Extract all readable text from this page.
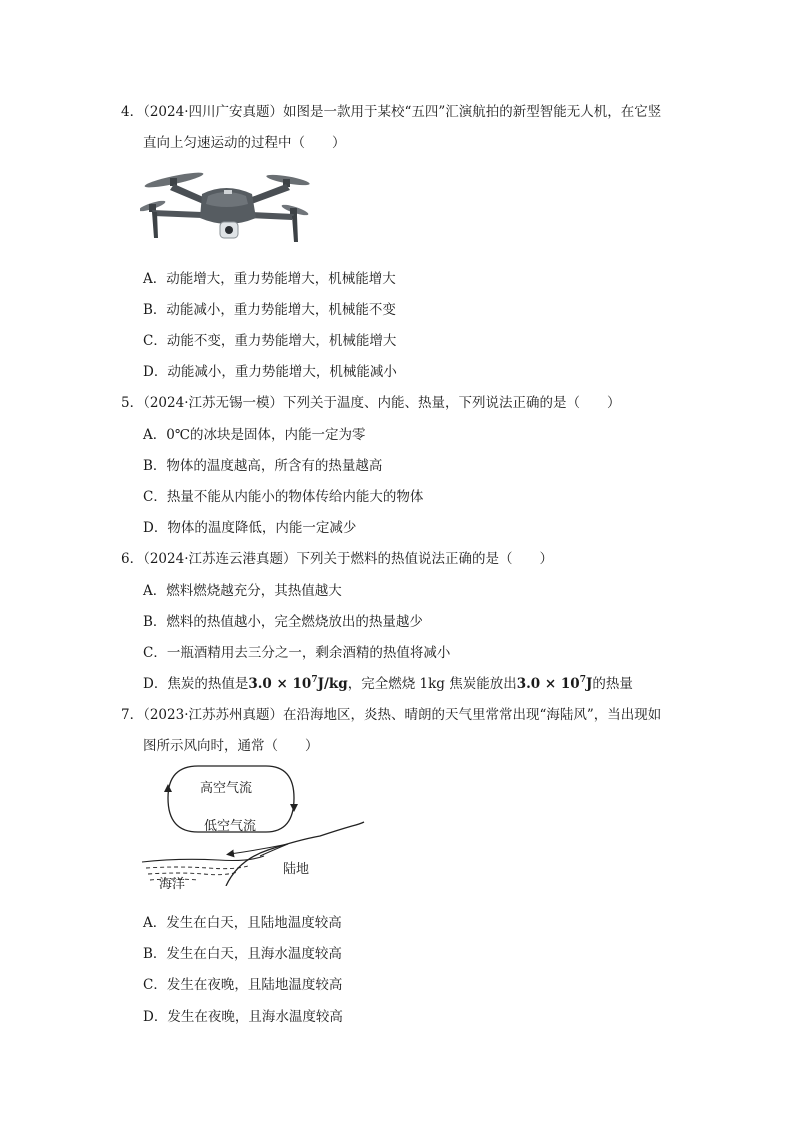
4．（2024·四川广安真题）如图是一款用于某校“五四”汇演航拍的新型智能无人机，在它竖
直向上匀速运动的过程中（　　）
A．动能增大，重力势能增大，机械能增大
B．动能减小，重力势能增大，机械能不变
C．动能不变，重力势能增大，机械能增大
D．动能减小，重力势能增大，机械能减小
5．（2024·江苏无锡一模）下列关于温度、内能、热量，下列说法正确的是（　　）
A．0℃的冰块是固体，内能一定为零
B．物体的温度越高，所含有的热量越高
C．热量不能从内能小的物体传给内能大的物体
D．物体的温度降低，内能一定减少
6．（2024·江苏连云港真题）下列关于燃料的热值说法正确的是（　　）
A．燃料燃烧越充分，其热值越大
B．燃料的热值越小，完全燃烧放出的热量越少
C．一瓶酒精用去三分之一，剩余酒精的热值将减小
D．焦炭的热值是$3.0 \times 10^7J/kg$，完全燃烧 1kg 焦炭能放出$3.0 \times 10^7J$的热量
7．（2023·江苏苏州真题）在沿海地区，炎热、晴朗的天气里常常出现“海陆风”，当出现如
图所示风向时，通常（　　）
高空气流
低空气流
陆地
海洋
A．发生在白天，且陆地温度较高
B．发生在白天，且海水温度较高
C．发生在夜晚，且陆地温度较高
D．发生在夜晚，且海水温度较高
